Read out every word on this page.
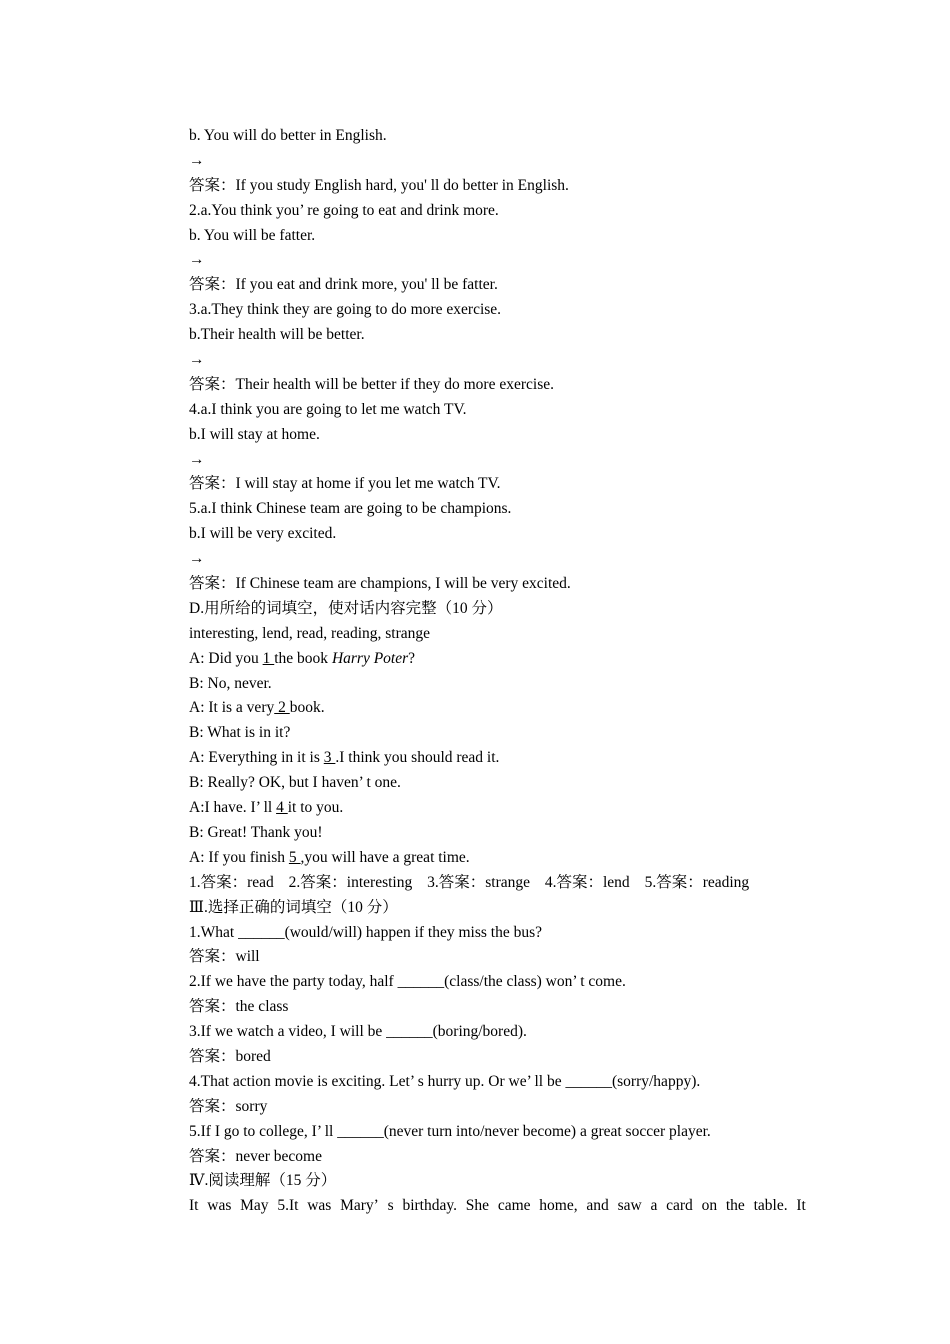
b. You will do better in English.
→
答案：If you study English hard, you' ll do better in English.
2.a.You think you’ re going to eat and drink more.
b. You will be fatter.
→
答案：If you eat and drink more, you' ll be fatter.
3.a.They think they are going to do more exercise.
b.Their health will be better.
→
答案：Their health will be better if they do more exercise.
4.a.I think you are going to let me watch TV.
b.I will stay at home.
→
答案：I will stay at home if you let me watch TV.
5.a.I think Chinese team are going to be champions.
b.I will be very excited.
→
答案：If Chinese team are champions, I will be very excited.
D.用所给的词填空，使对话内容完整（10 分）
interesting, lend, read, reading, strange
A: Did you 1 the book Harry Poter?
B: No, never.
A: It is a very 2 book.
B: What is in it?
A: Everything in it is 3 .I think you should read it.
B: Really? OK, but I haven’ t one.
A:I have. I’ ll 4 it to you.
B: Great! Thank you!
A: If you finish 5 ,you will have a great time.
1.答案：read 2.答案：interesting 3.答案：strange 4.答案：lend 5.答案：reading
Ⅲ.选择正确的词填空（10 分）
1.What ______(would/will) happen if they miss the bus?
答案：will
2.If we have the party today, half ______(class/the class) won’ t come.
答案：the class
3.If we watch a video, I will be ______(boring/bored).
答案：bored
4.That action movie is exciting. Let’ s hurry up. Or we’ ll be ______(sorry/happy).
答案：sorry
5.If I go to college, I’ ll ______(never turn into/never become) a great soccer player.
答案：never become
Ⅳ.阅读理解（15 分）
It was May 5.It was Mary’ s birthday. She came home, and saw a card on the table. It
